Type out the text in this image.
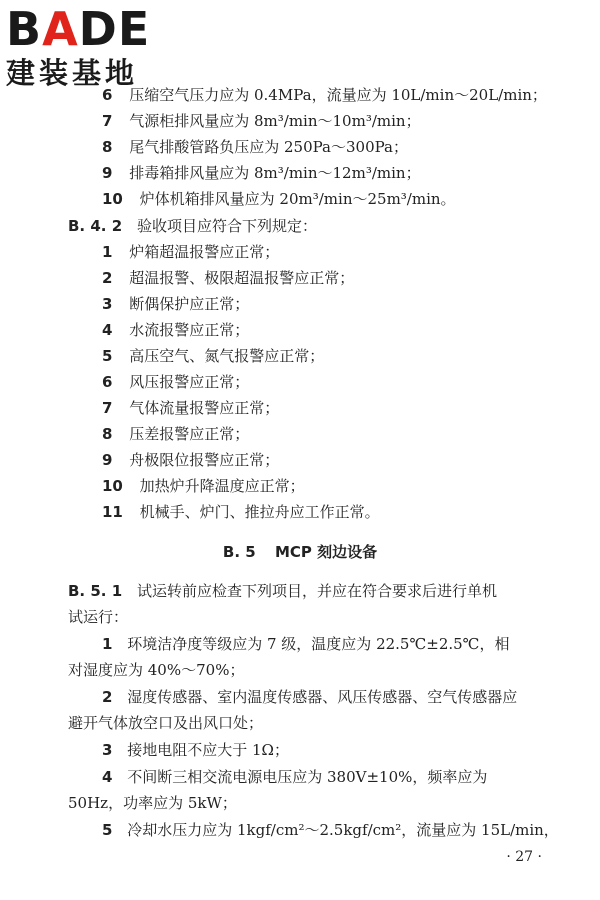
BADE
建装基地
6 压缩空气压力应为 0.4MPa，流量应为 10L/min～20L/min；
7 气源柜排风量应为 8m³/min～10m³/min；
8 尾气排酸管路负压应为 250Pa～300Pa；
9 排毒箱排风量应为 8m³/min～12m³/min；
10 炉体机箱排风量应为 20m³/min～25m³/min。
B. 4. 2 验收项目应符合下列规定：
1 炉箱超温报警应正常；
2 超温报警、极限超温报警应正常；
3 断偶保护应正常；
4 水流报警应正常；
5 高压空气、氮气报警应正常；
6 风压报警应正常；
7 气体流量报警应正常；
8 压差报警应正常；
9 舟极限位报警应正常；
10 加热炉升降温度应正常；
11 机械手、炉门、推拉舟应工作正常。
B. 5 MCP 刻边设备
B. 5. 1 试运转前应检查下列项目，并应在符合要求后进行单机
试运行：
1 环境洁净度等级应为 7 级，温度应为 22.5℃±2.5℃，相
对湿度应为 40%～70%；
2 湿度传感器、室内温度传感器、风压传感器、空气传感器应
避开气体放空口及出风口处；
3 接地电阻不应大于 1Ω；
4 不间断三相交流电源电压应为 380V±10%，频率应为
50Hz，功率应为 5kW；
5 冷却水压力应为 1kgf/cm²～2.5kgf/cm²，流量应为 15L/min，
· 27 ·
